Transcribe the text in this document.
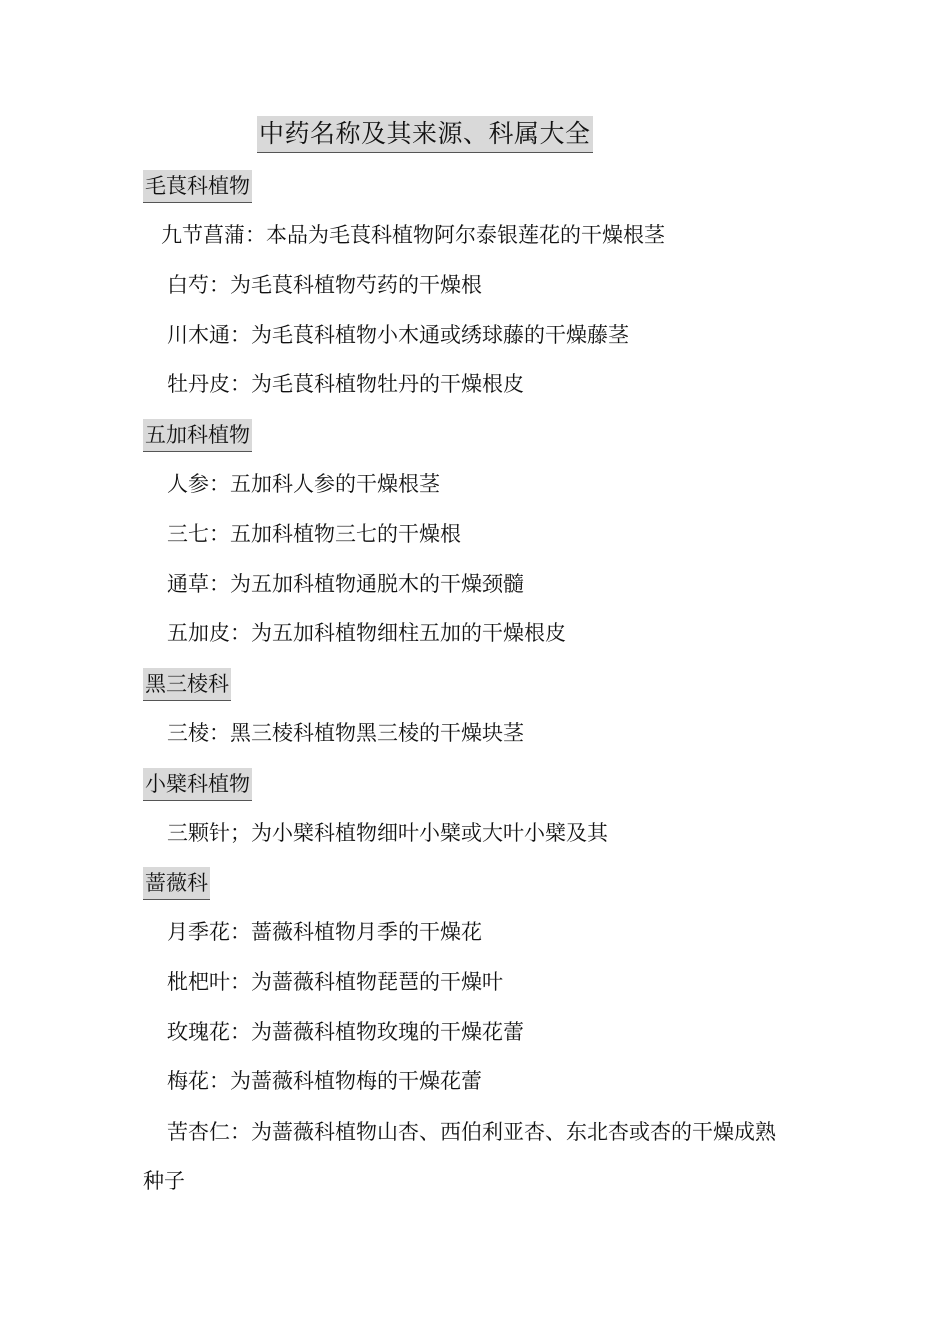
中药名称及其来源、科属大全
毛茛科植物
九节菖蒲：本品为毛茛科植物阿尔泰银莲花的干燥根茎
白芍：为毛茛科植物芍药的干燥根
川木通：为毛茛科植物小木通或绣球藤的干燥藤茎
牡丹皮：为毛茛科植物牡丹的干燥根皮
五加科植物
人参：五加科人参的干燥根茎
三七：五加科植物三七的干燥根
通草：为五加科植物通脱木的干燥颈髓
五加皮：为五加科植物细柱五加的干燥根皮
黑三棱科
三棱：黑三棱科植物黑三棱的干燥块茎
小檗科植物
三颗针；为小檗科植物细叶小檗或大叶小檗及其
蔷薇科
月季花：蔷薇科植物月季的干燥花
枇杷叶：为蔷薇科植物琵琶的干燥叶
玫瑰花：为蔷薇科植物玫瑰的干燥花蕾
梅花：为蔷薇科植物梅的干燥花蕾
苦杏仁：为蔷薇科植物山杏、西伯利亚杏、东北杏或杏的干燥成熟
种子
